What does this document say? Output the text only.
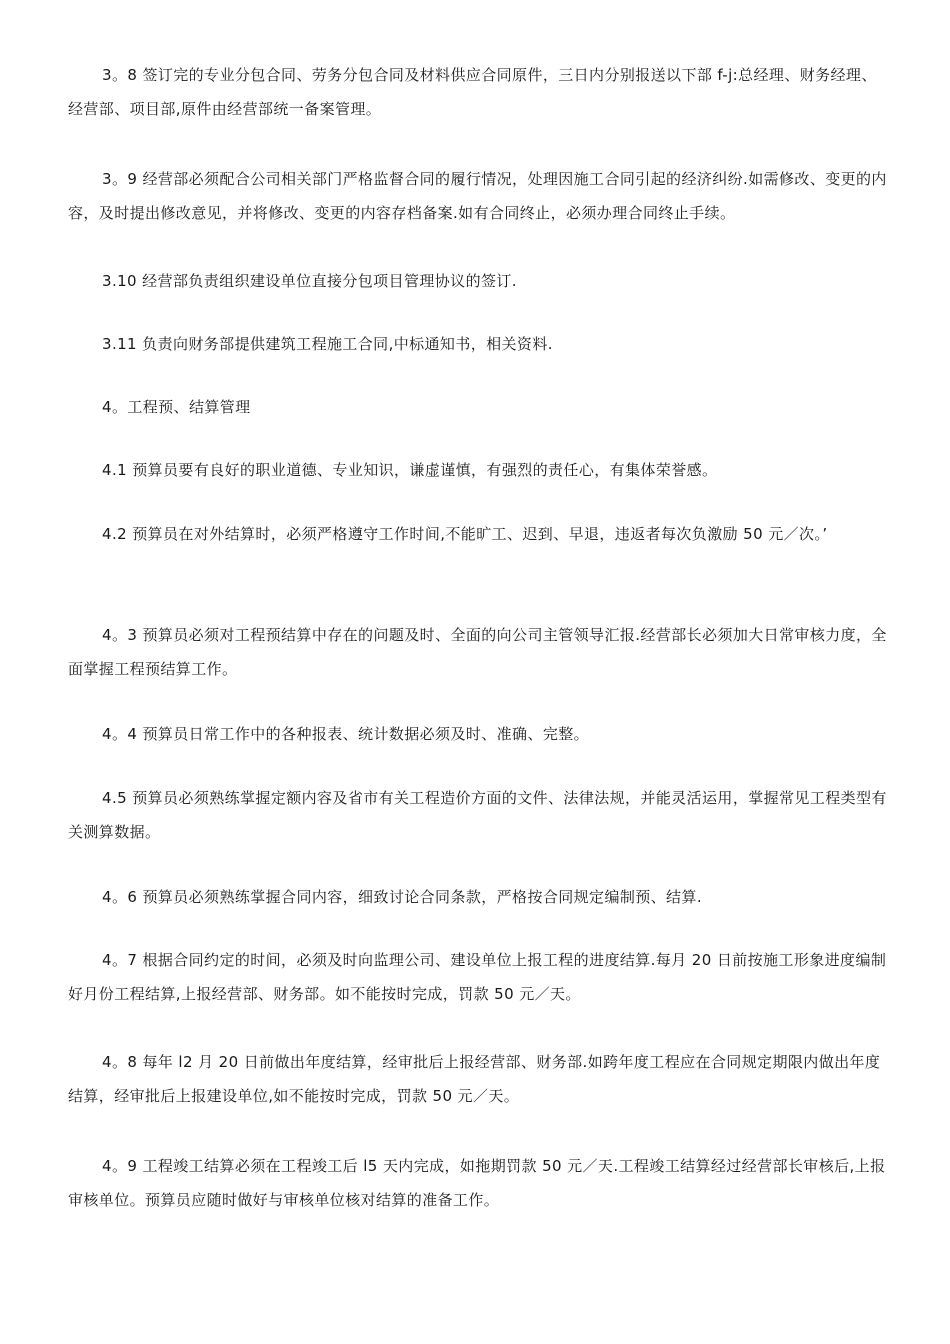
3。8 签订完的专业分包合同、劳务分包合同及材料供应合同原件，三日内分别报送以下部 f-j:总经理、财务经理、经营部、项目部,原件由经营部统一备案管理。

3。9 经营部必须配合公司相关部门严格监督合同的履行情况，处理因施工合同引起的经济纠纷.如需修改、变更的内容，及时提出修改意见，并将修改、变更的内容存档备案.如有合同终止，必须办理合同终止手续。

3.10 经营部负责组织建设单位直接分包项目管理协议的签订.

3.11 负责向财务部提供建筑工程施工合同,中标通知书，相关资料.

4。工程预、结算管理

4.1 预算员要有良好的职业道德、专业知识，谦虚谨慎，有强烈的责任心，有集体荣誉感。

4.2 预算员在对外结算时，必须严格遵守工作时间,不能旷工、迟到、早退，违返者每次负激励 50 元／次。’

4。3 预算员必须对工程预结算中存在的问题及时、全面的向公司主管领导汇报.经营部长必须加大日常审核力度，全面掌握工程预结算工作。

4。4 预算员日常工作中的各种报表、统计数据必须及时、准确、完整。

4.5 预算员必须熟练掌握定额内容及省市有关工程造价方面的文件、法律法规，并能灵活运用，掌握常见工程类型有关测算数据。

4。6 预算员必须熟练掌握合同内容，细致讨论合同条款，严格按合同规定编制预、结算.

4。7 根据合同约定的时间，必须及时向监理公司、建设单位上报工程的进度结算.每月 20 日前按施工形象进度编制好月份工程结算,上报经营部、财务部。如不能按时完成，罚款 50 元／天。

4。8 每年 l2 月 20 日前做出年度结算，经审批后上报经营部、财务部.如跨年度工程应在合同规定期限内做出年度结算，经审批后上报建设单位,如不能按时完成，罚款 50 元／天。

4。9 工程竣工结算必须在工程竣工后 l5 天内完成，如拖期罚款 50 元／天.工程竣工结算经过经营部长审核后,上报审核单位。预算员应随时做好与审核单位核对结算的准备工作。
